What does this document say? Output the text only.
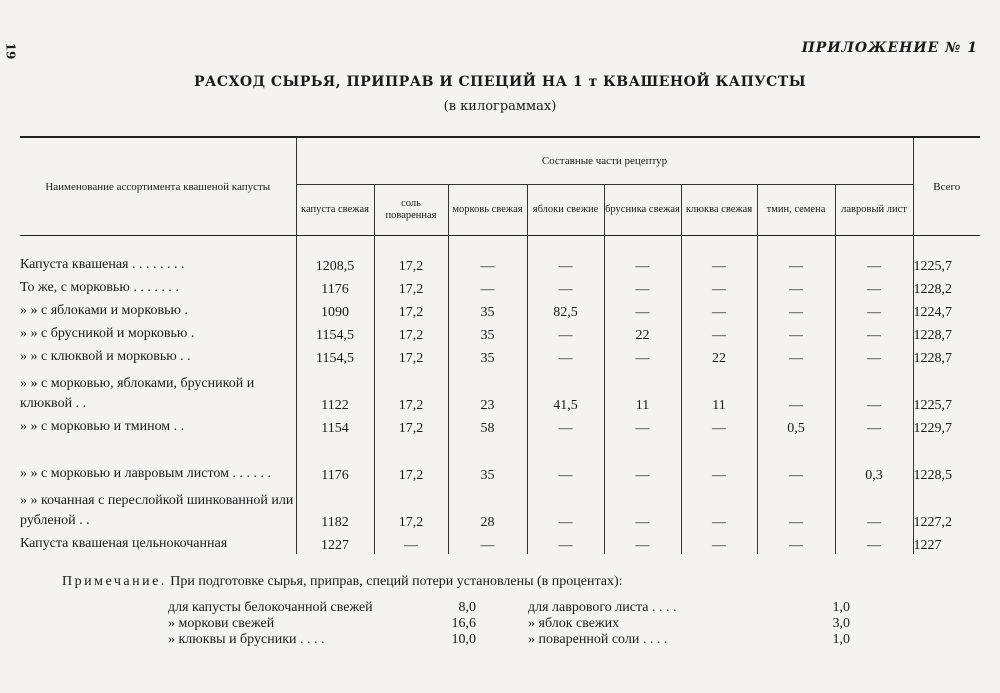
19	ПРИЛОЖЕНИЕ № 1
РАСХОД СЫРЬЯ, ПРИПРАВ И СПЕЦИЙ НА 1 т КВАШЕНОЙ КАПУСТЫ
(в килограммах)
Наименование ассортимента квашеной капусты	Составные части рецептур								Всего
	капуста свежая	соль поваренная	морковь свежая	яблоки свежие	брусника свежая	клюква свежая	тмин, семена	лавровый лист	
Капуста квашеная . . . . . . . .	1208,5	17,2	—	—	—	—	—	—	1225,7
То же, с морковью . . . . . . .	1176	17,2	—	—	—	—	—	—	1228,2
» » с яблоками и морковью .	1090	17,2	35	82,5	—	—	—	—	1224,7
» » с брусникой и морковью .	1154,5	17,2	35	—	22	—	—	—	1228,7
» » с клюквой и морковью . .	1154,5	17,2	35	—	—	22	—	—	1228,7
» » с морковью, яблоками, брусникой и клюквой . .	1122	17,2	23	41,5	11	11	—	—	1225,7
» » с морковью и тмином . .	1154	17,2	58	—	—	—	0,5	—	1229,7
» » с морковью и лавровым листом . . . . . .	1176	17,2	35	—	—	—	—	0,3	1228,5
» » кочанная с переслойкой шинкованной или рубленой . .	1182	17,2	28	—	—	—	—	—	1227,2
Капуста квашеная цельнокочанная	1227	—	—	—	—	—	—	—	1227
Примечание. При подготовке сырья, приправ, специй потери установлены (в процентах):
для капусты белокочанной свежей	8,0
» моркови свежей	16,6
» клюквы и брусники . . . .	10,0
для лаврового листа . . . .	1,0
» яблок свежих	3,0
» поваренной соли . . . .	1,0
